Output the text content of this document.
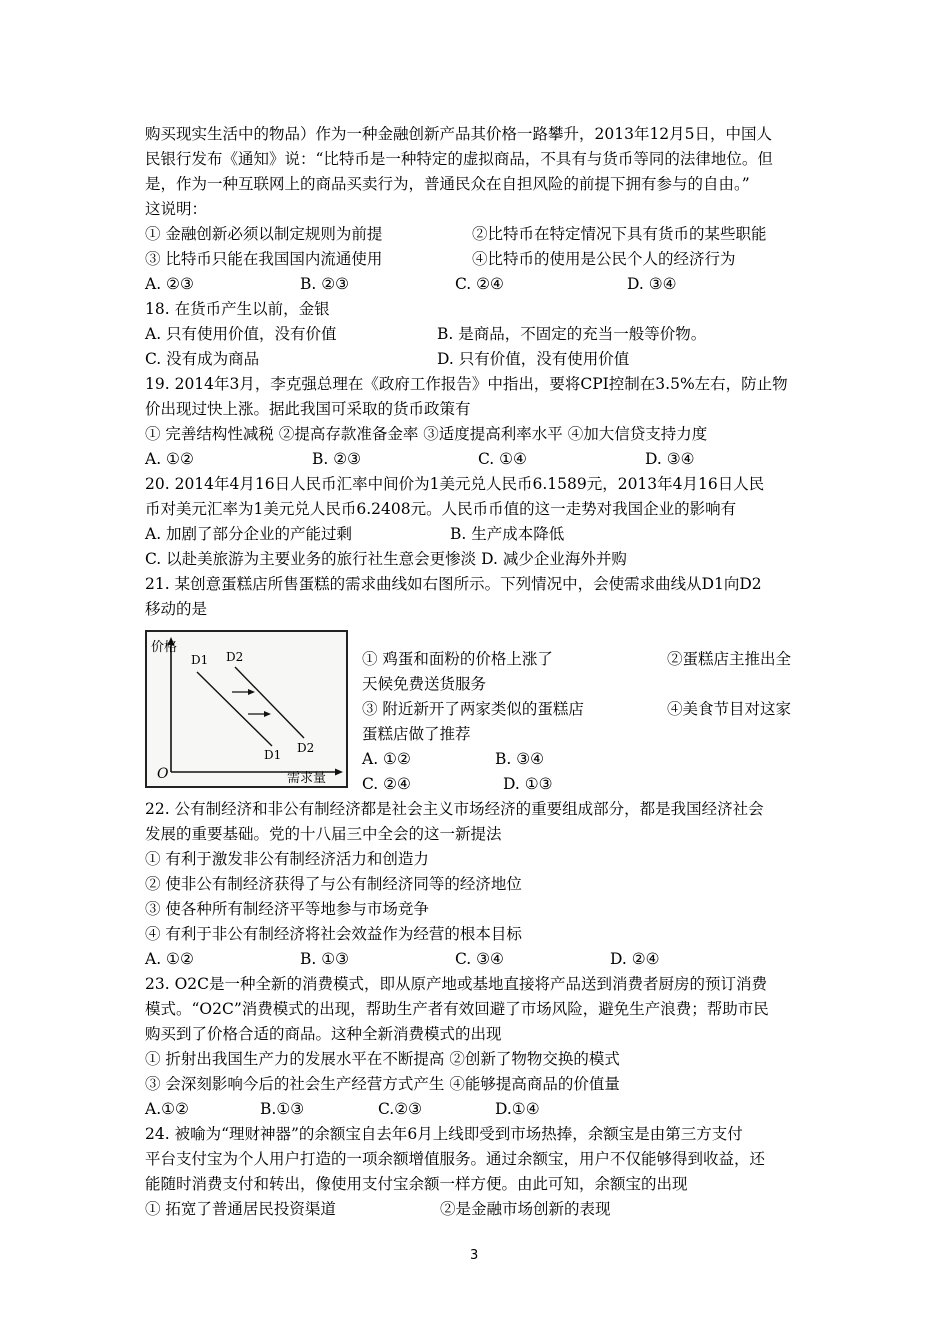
购买现实生活中的物品）作为一种金融创新产品其价格一路攀升，2013年12月5日，中国人
民银行发布《通知》说：“比特币是一种特定的虚拟商品，不具有与货币等同的法律地位。但
是，作为一种互联网上的商品买卖行为，普通民众在自担风险的前提下拥有参与的自由。”
这说明：
① 金融创新必须以制定规则为前提	②比特币在特定情况下具有货币的某些职能
③ 比特币只能在我国国内流通使用	④比特币的使用是公民个人的经济行为
A. ②③	B. ②③	C. ②④	D. ③④
18. 在货币产生以前，金银
A. 只有使用价值，没有价值	B. 是商品，不固定的充当一般等价物。
C. 没有成为商品	D. 只有价值，没有使用价值
19. 2014年3月，李克强总理在《政府工作报告》中指出，要将CPI控制在3.5%左右，防止物
价出现过快上涨。据此我国可采取的货币政策有
① 完善结构性减税 ②提高存款准备金率 ③适度提高利率水平 ④加大信贷支持力度
A. ①②	B. ②③	C. ①④	D. ③④
20. 2014年4月16日人民币汇率中间价为1美元兑人民币6.1589元，2013年4月16日人民
币对美元汇率为1美元兑人民币6.2408元。人民币币值的这一走势对我国企业的影响有
A. 加剧了部分企业的产能过剩	B. 生产成本降低
C. 以赴美旅游为主要业务的旅行社生意会更惨淡 D. 减少企业海外并购
21. 某创意蛋糕店所售蛋糕的需求曲线如右图所示。下列情况中，会使需求曲线从D1向D2
移动的是
价格
需求量
O
D1 D2
D1 D2
① 鸡蛋和面粉的价格上涨了	②蛋糕店主推出全
天候免费送货服务
③ 附近新开了两家类似的蛋糕店	④美食节目对这家
蛋糕店做了推荐
A. ①②	B. ③④
C. ②④	D. ①③
22. 公有制经济和非公有制经济都是社会主义市场经济的重要组成部分，都是我国经济社会
发展的重要基础。党的十八届三中全会的这一新提法
① 有利于激发非公有制经济活力和创造力
② 使非公有制经济获得了与公有制经济同等的经济地位
③ 使各种所有制经济平等地参与市场竞争
④ 有利于非公有制经济将社会效益作为经营的根本目标
A. ①②	B. ①③	C. ③④	D. ②④
23. O2C是一种全新的消费模式，即从原产地或基地直接将产品送到消费者厨房的预订消费
模式。“O2C”消费模式的出现，帮助生产者有效回避了市场风险，避免生产浪费；帮助市民
购买到了价格合适的商品。这种全新消费模式的出现
① 折射出我国生产力的发展水平在不断提高 ②创新了物物交换的模式
③ 会深刻影响今后的社会生产经营方式产生 ④能够提高商品的价值量
A.①②	B.①③	C.②③	D.①④
24. 被喻为“理财神器”的余额宝自去年6月上线即受到市场热捧，余额宝是由第三方支付
平台支付宝为个人用户打造的一项余额增值服务。通过余额宝，用户不仅能够得到收益，还
能随时消费支付和转出，像使用支付宝余额一样方便。由此可知，余额宝的出现
① 拓宽了普通居民投资渠道	②是金融市场创新的表现
3
